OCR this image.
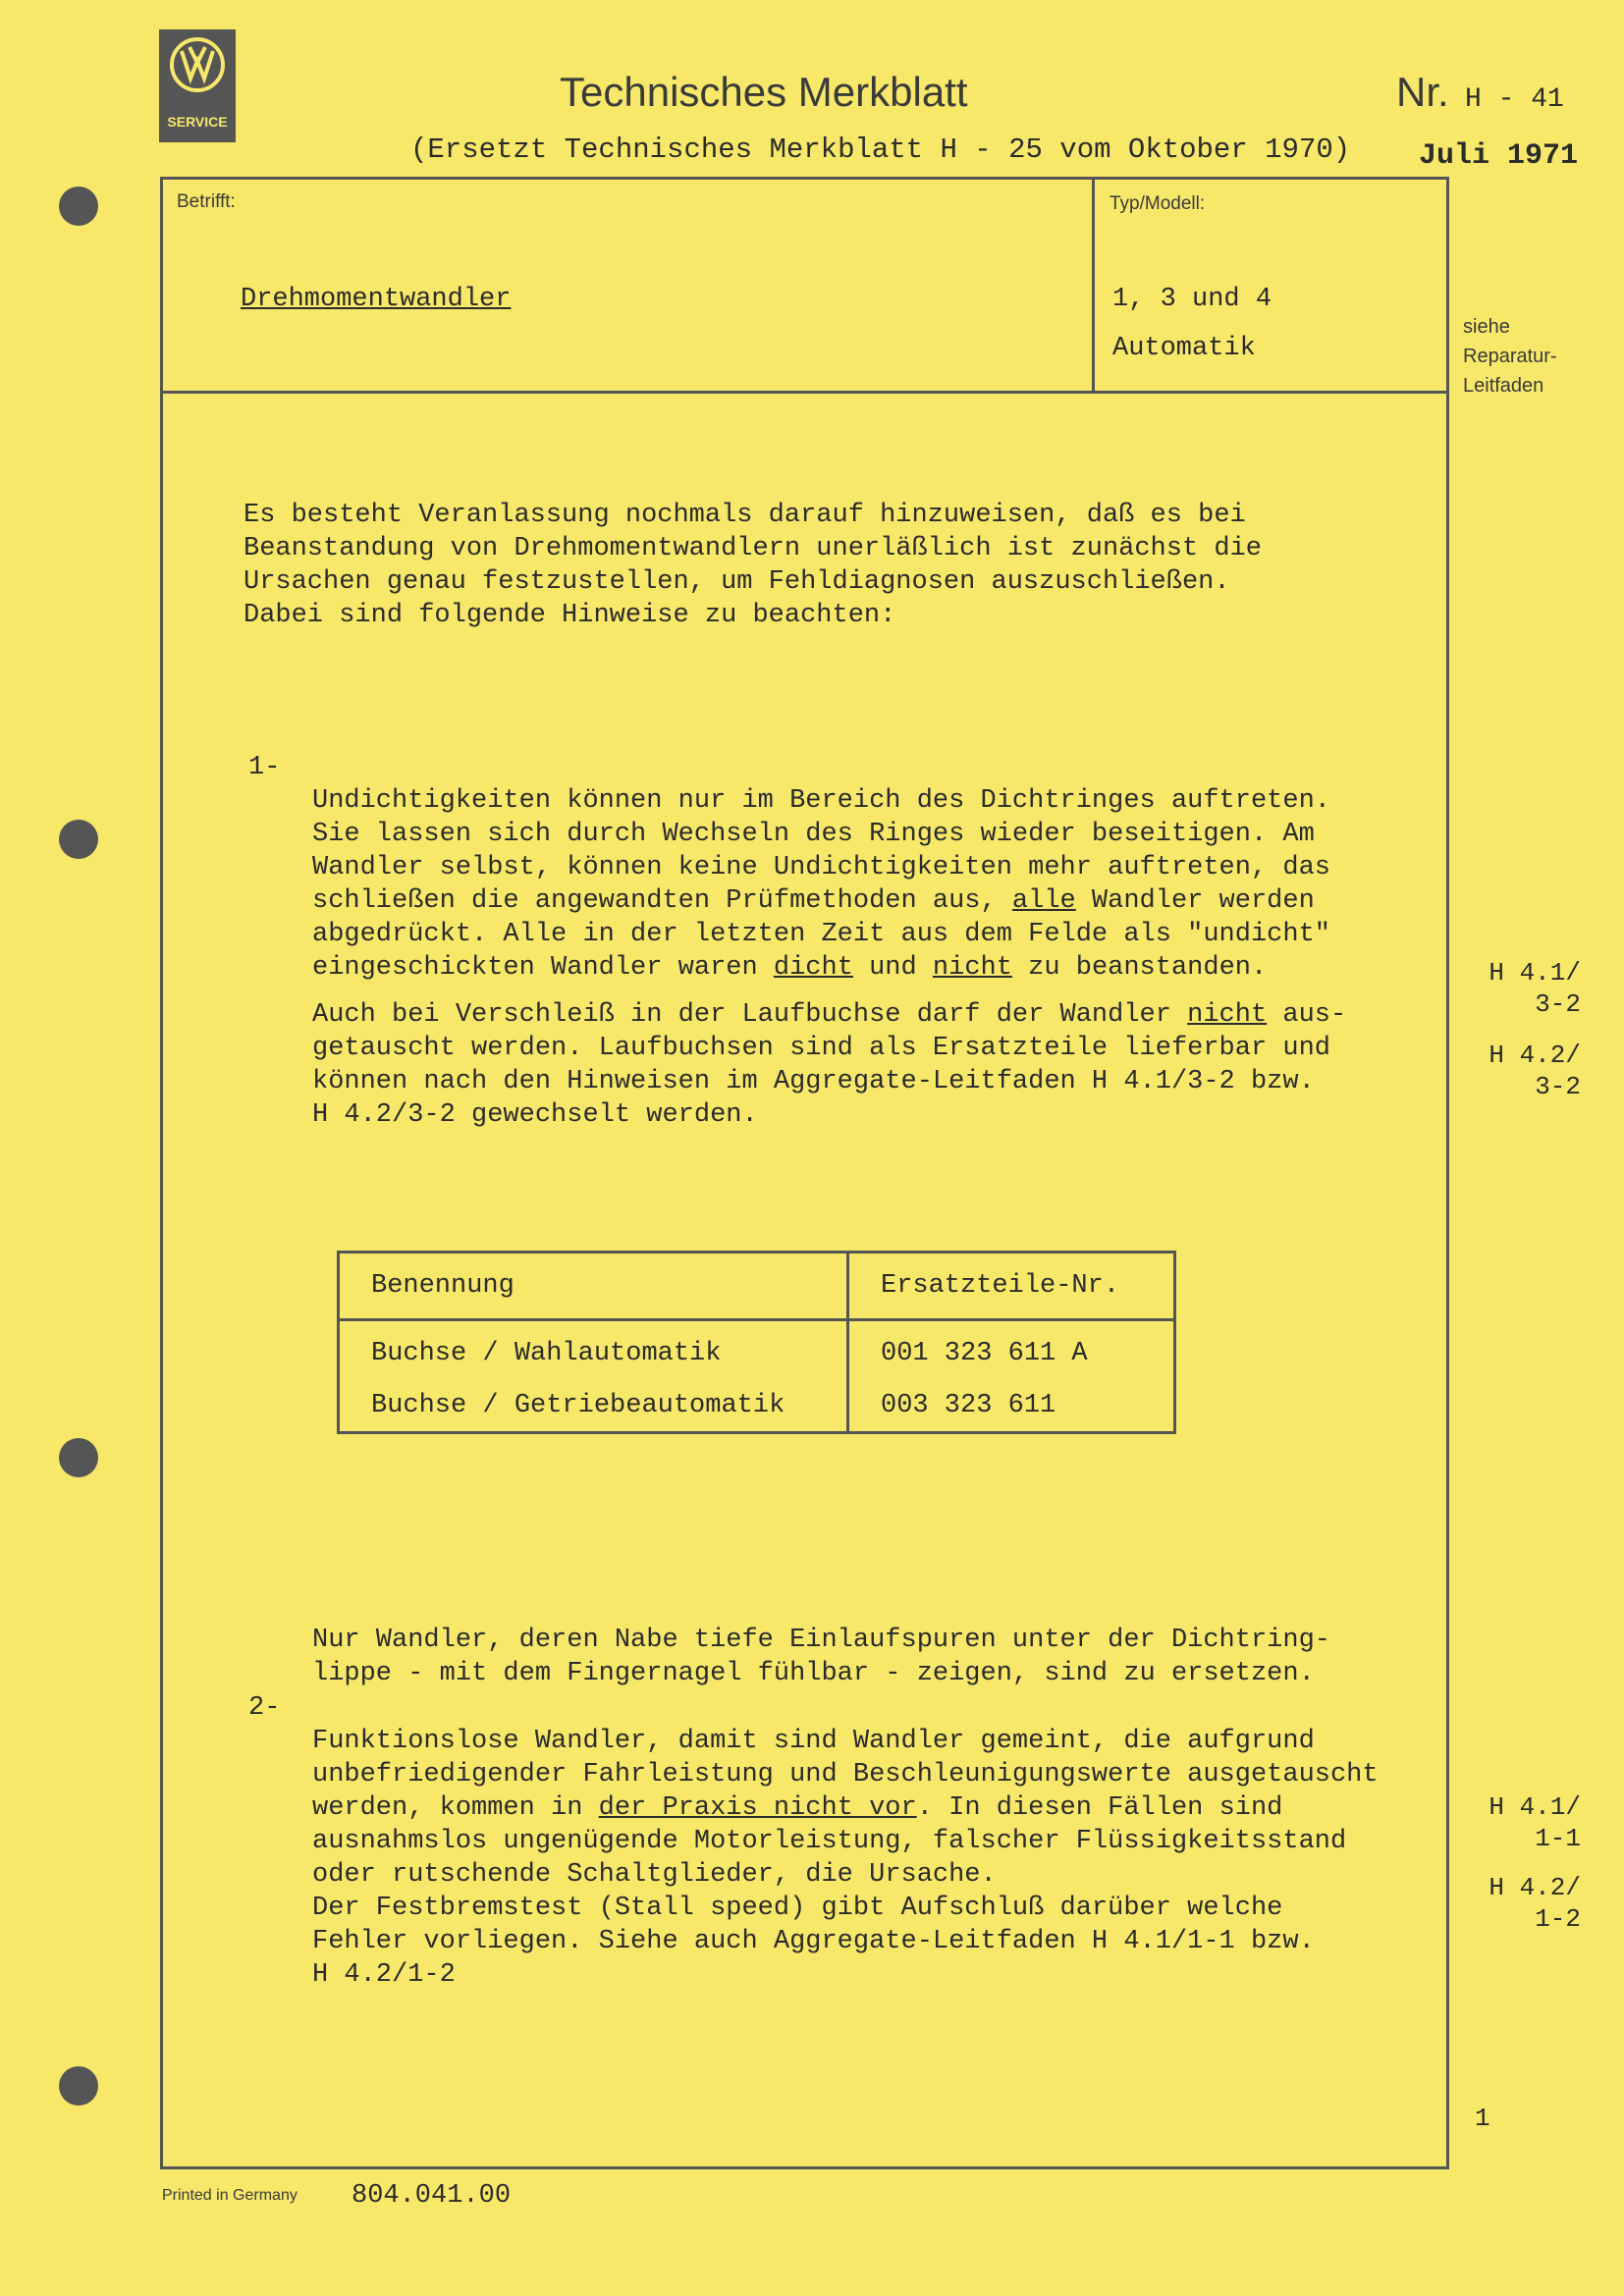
SERVICE
Technisches Merkblatt
(Ersetzt Technisches Merkblatt H - 25 vom Oktober 1970)
Nr. H - 41
Juli 1971
Betrifft:
Drehmomentwandler
Typ/Modell:
1, 3 und 4
Automatik
siehe
Reparatur-
Leitfaden

Es besteht Veranlassung nochmals darauf hinzuweisen, daß es bei
Beanstandung von Drehmomentwandlern unerläßlich ist zunächst die
Ursachen genau festzustellen, um Fehldiagnosen auszuschließen.
Dabei sind folgende Hinweise zu beachten:

1-

Undichtigkeiten können nur im Bereich des Dichtringes auftreten.
Sie lassen sich durch Wechseln des Ringes wieder beseitigen. Am
Wandler selbst, können keine Undichtigkeiten mehr auftreten, das
schließen die angewandten Prüfmethoden aus, alle Wandler werden
abgedrückt. Alle in der letzten Zeit aus dem Felde als "undicht"
eingeschickten Wandler waren dicht und nicht zu beanstanden.

Auch bei Verschleiß in der Laufbuchse darf der Wandler nicht aus-
getauscht werden. Laufbuchsen sind als Ersatzteile lieferbar und
können nach den Hinweisen im Aggregate-Leitfaden H 4.1/3-2 bzw.
H 4.2/3-2 gewechselt werden.

H 4.1/
3-2
H 4.2/
3-2
Benennung	Ersatzteile-Nr.
Buchse / Wahlautomatik	001 323 611 A
Buchse / Getriebeautomatik	003 323 611

Nur Wandler, deren Nabe tiefe Einlaufspuren unter der Dichtring-
lippe - mit dem Fingernagel fühlbar - zeigen, sind zu ersetzen.

2-

Funktionslose Wandler, damit sind Wandler gemeint, die aufgrund
unbefriedigender Fahrleistung und Beschleunigungswerte ausgetauscht
werden, kommen in der Praxis nicht vor. In diesen Fällen sind
ausnahmslos ungenügende Motorleistung, falscher Flüssigkeitsstand
oder rutschende Schaltglieder, die Ursache.
Der Festbremstest (Stall speed) gibt Aufschluß darüber welche
Fehler vorliegen. Siehe auch Aggregate-Leitfaden H 4.1/1-1 bzw.
H 4.2/1-2

H 4.1/
1-1
H 4.2/
1-2
1
Printed in Germany 804.041.00
